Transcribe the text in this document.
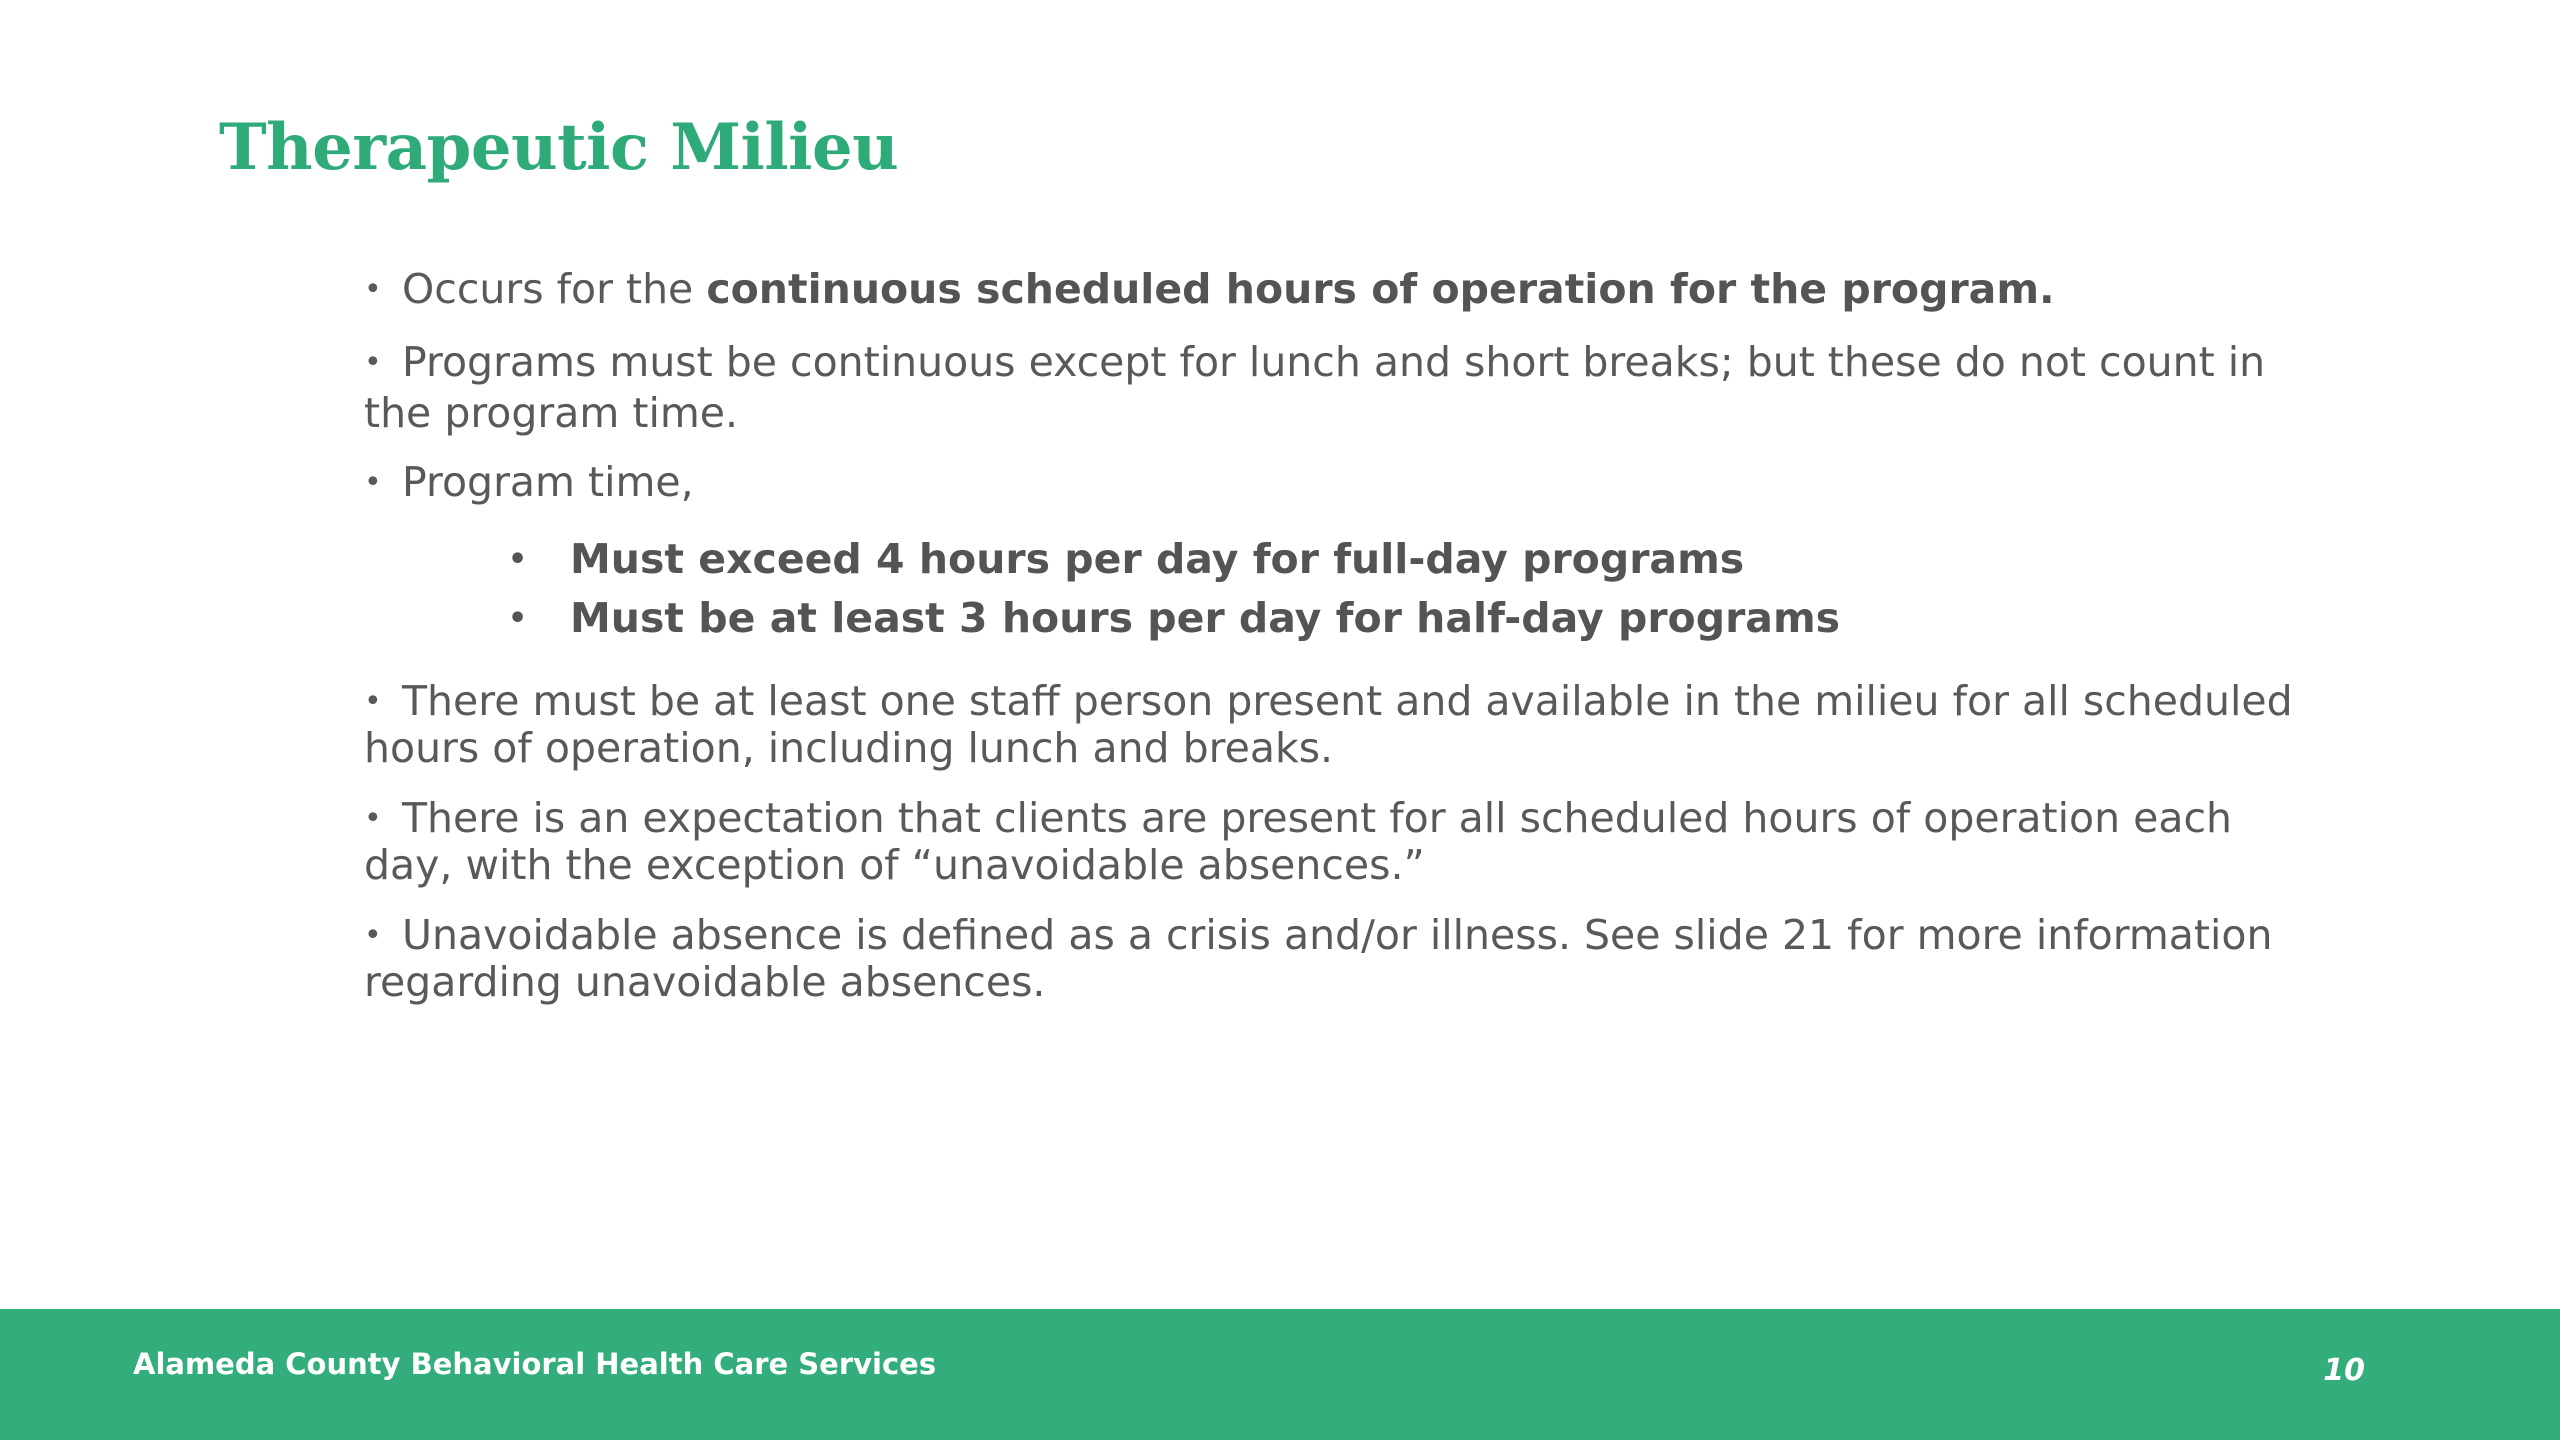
Therapeutic Milieu

• Occurs for the continuous scheduled hours of operation for the program.

• Programs must be continuous except for lunch and short breaks; but these do not count in the program time.

• Program time,

• Must exceed 4 hours per day for full-day programs
• Must be at least 3 hours per day for half-day programs

• There must be at least one staff person present and available in the milieu for all scheduled hours of operation, including lunch and breaks.

• There is an expectation that clients are present for all scheduled hours of operation each day, with the exception of “unavoidable absences.”

• Unavoidable absence is defined as a crisis and/or illness. See slide 21 for more information regarding unavoidable absences.

Alameda County Behavioral Health Care Services	10
